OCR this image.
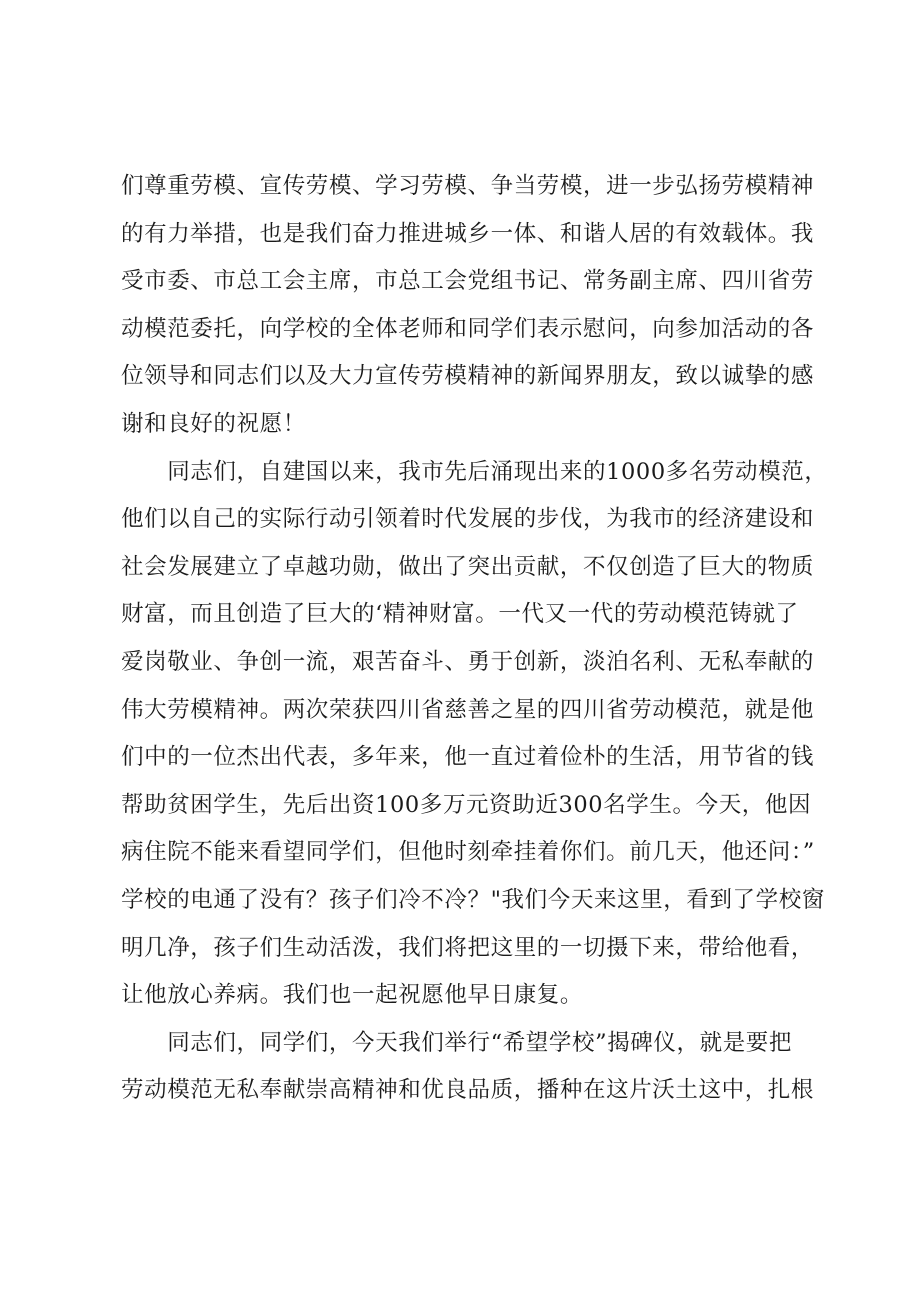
们尊重劳模、宣传劳模、学习劳模、争当劳模，进一步弘扬劳模精神
的有力举措，也是我们奋力推进城乡一体、和谐人居的有效载体。我
受市委、市总工会主席，市总工会党组书记、常务副主席、四川省劳
动模范委托，向学校的全体老师和同学们表示慰问，向参加活动的各
位领导和同志们以及大力宣传劳模精神的新闻界朋友，致以诚挚的感
谢和良好的祝愿！
　　同志们，自建国以来，我市先后涌现出来的1000多名劳动模范，
他们以自己的实际行动引领着时代发展的步伐，为我市的经济建设和
社会发展建立了卓越功勋，做出了突出贡献，不仅创造了巨大的物质
财富，而且创造了巨大的‘精神财富。一代又一代的劳动模范铸就了
爱岗敬业、争创一流，艰苦奋斗、勇于创新，淡泊名利、无私奉献的
伟大劳模精神。两次荣获四川省慈善之星的四川省劳动模范，就是他
们中的一位杰出代表，多年来，他一直过着俭朴的生活，用节省的钱
帮助贫困学生，先后出资100多万元资助近300名学生。今天，他因
病住院不能来看望同学们，但他时刻牵挂着你们。前几天，他还问：”
学校的电通了没有？孩子们冷不冷？"我们今天来这里，看到了学校窗
明几净，孩子们生动活泼，我们将把这里的一切摄下来，带给他看，
让他放心养病。我们也一起祝愿他早日康复。
　　同志们，同学们，今天我们举行“希望学校”揭碑仪，就是要把
劳动模范无私奉献崇高精神和优良品质，播种在这片沃土这中，扎根
